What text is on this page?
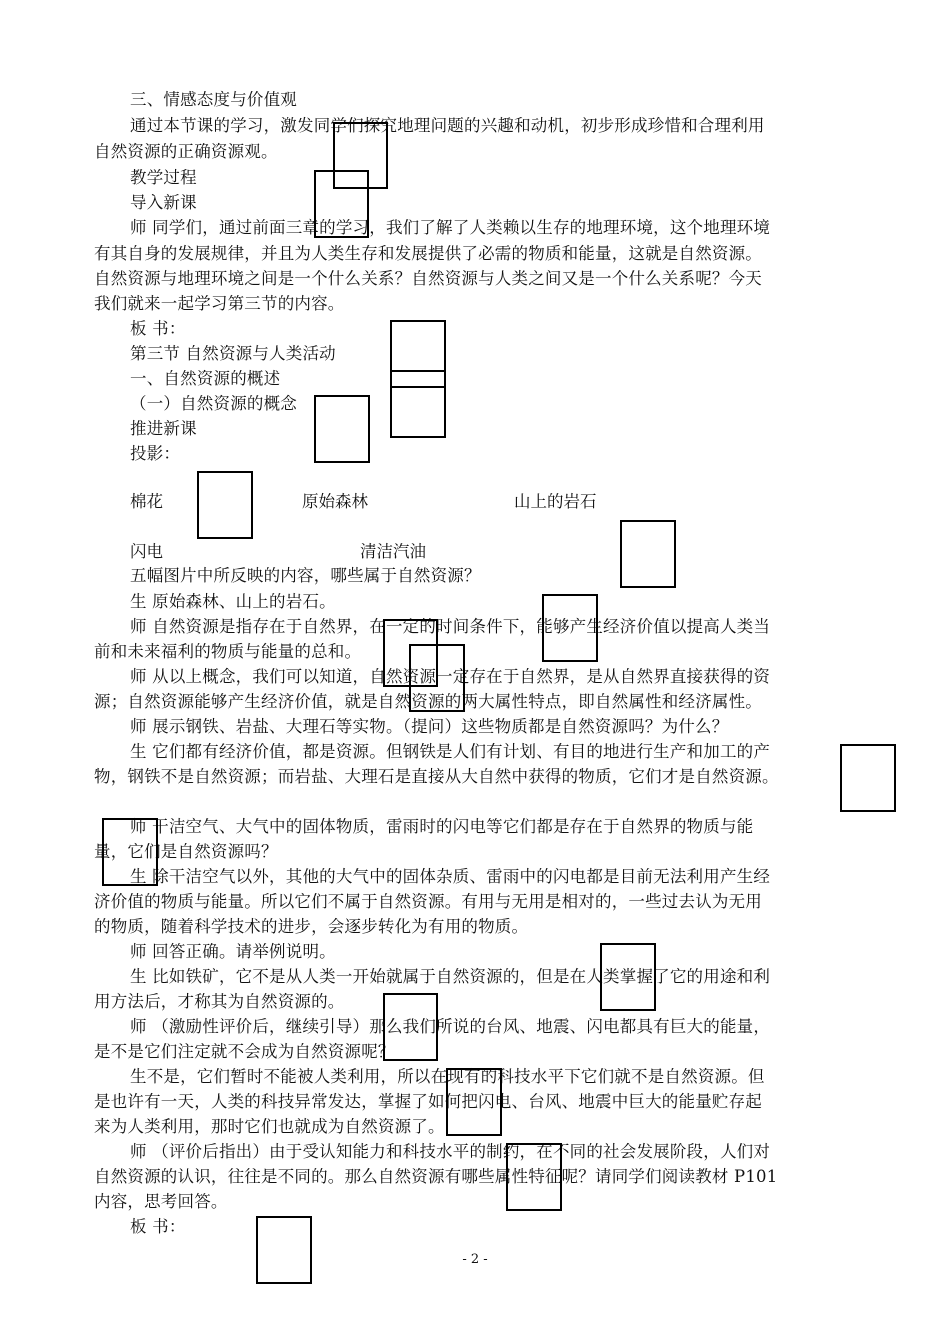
三、情感态度与价值观
通过本节课的学习，激发同学们探究地理问题的兴趣和动机，初步形成珍惜和合理利用
自然资源的正确资源观。
教学过程
导入新课
师 同学们，通过前面三章的学习，我们了解了人类赖以生存的地理环境，这个地理环境
有其自身的发展规律，并且为人类生存和发展提供了必需的物质和能量，这就是自然资源。
自然资源与地理环境之间是一个什么关系？自然资源与人类之间又是一个什么关系呢？今天
我们就来一起学习第三节的内容。
板 书：
第三节 自然资源与人类活动
一、自然资源的概述
（一）自然资源的概念
推进新课
投影：
棉花	原始森林	山上的岩石
闪电	清洁汽油
五幅图片中所反映的内容，哪些属于自然资源？
生 原始森林、山上的岩石。
师 自然资源是指存在于自然界，在一定的时间条件下，能够产生经济价值以提高人类当
前和未来福利的物质与能量的总和。
师 从以上概念，我们可以知道，自然资源一定存在于自然界，是从自然界直接获得的资
源；自然资源能够产生经济价值，就是自然资源的两大属性特点，即自然属性和经济属性。
师 展示钢铁、岩盐、大理石等实物。（提问）这些物质都是自然资源吗？为什么？
生 它们都有经济价值，都是资源。但钢铁是人们有计划、有目的地进行生产和加工的产
物，钢铁不是自然资源；而岩盐、大理石是直接从大自然中获得的物质，它们才是自然资源。
师 干洁空气、大气中的固体物质，雷雨时的闪电等它们都是存在于自然界的物质与能
量，它们是自然资源吗？
生 除干洁空气以外，其他的大气中的固体杂质、雷雨中的闪电都是目前无法利用产生经
济价值的物质与能量。所以它们不属于自然资源。有用与无用是相对的，一些过去认为无用
的物质，随着科学技术的进步，会逐步转化为有用的物质。
师 回答正确。请举例说明。
生 比如铁矿，它不是从人类一开始就属于自然资源的，但是在人类掌握了它的用途和利
用方法后，才称其为自然资源的。
师 （激励性评价后，继续引导）那么我们所说的台风、地震、闪电都具有巨大的能量，
是不是它们注定就不会成为自然资源呢？
生不是，它们暂时不能被人类利用，所以在现有的科技水平下它们就不是自然资源。但
是也许有一天，人类的科技异常发达，掌握了如何把闪电、台风、地震中巨大的能量贮存起
来为人类利用，那时它们也就成为自然资源了。
师 （评价后指出）由于受认知能力和科技水平的制约，在不同的社会发展阶段，人们对
自然资源的认识，往往是不同的。那么自然资源有哪些属性特征呢？请同学们阅读教材 P101
内容，思考回答。
板 书：
- 2 -
